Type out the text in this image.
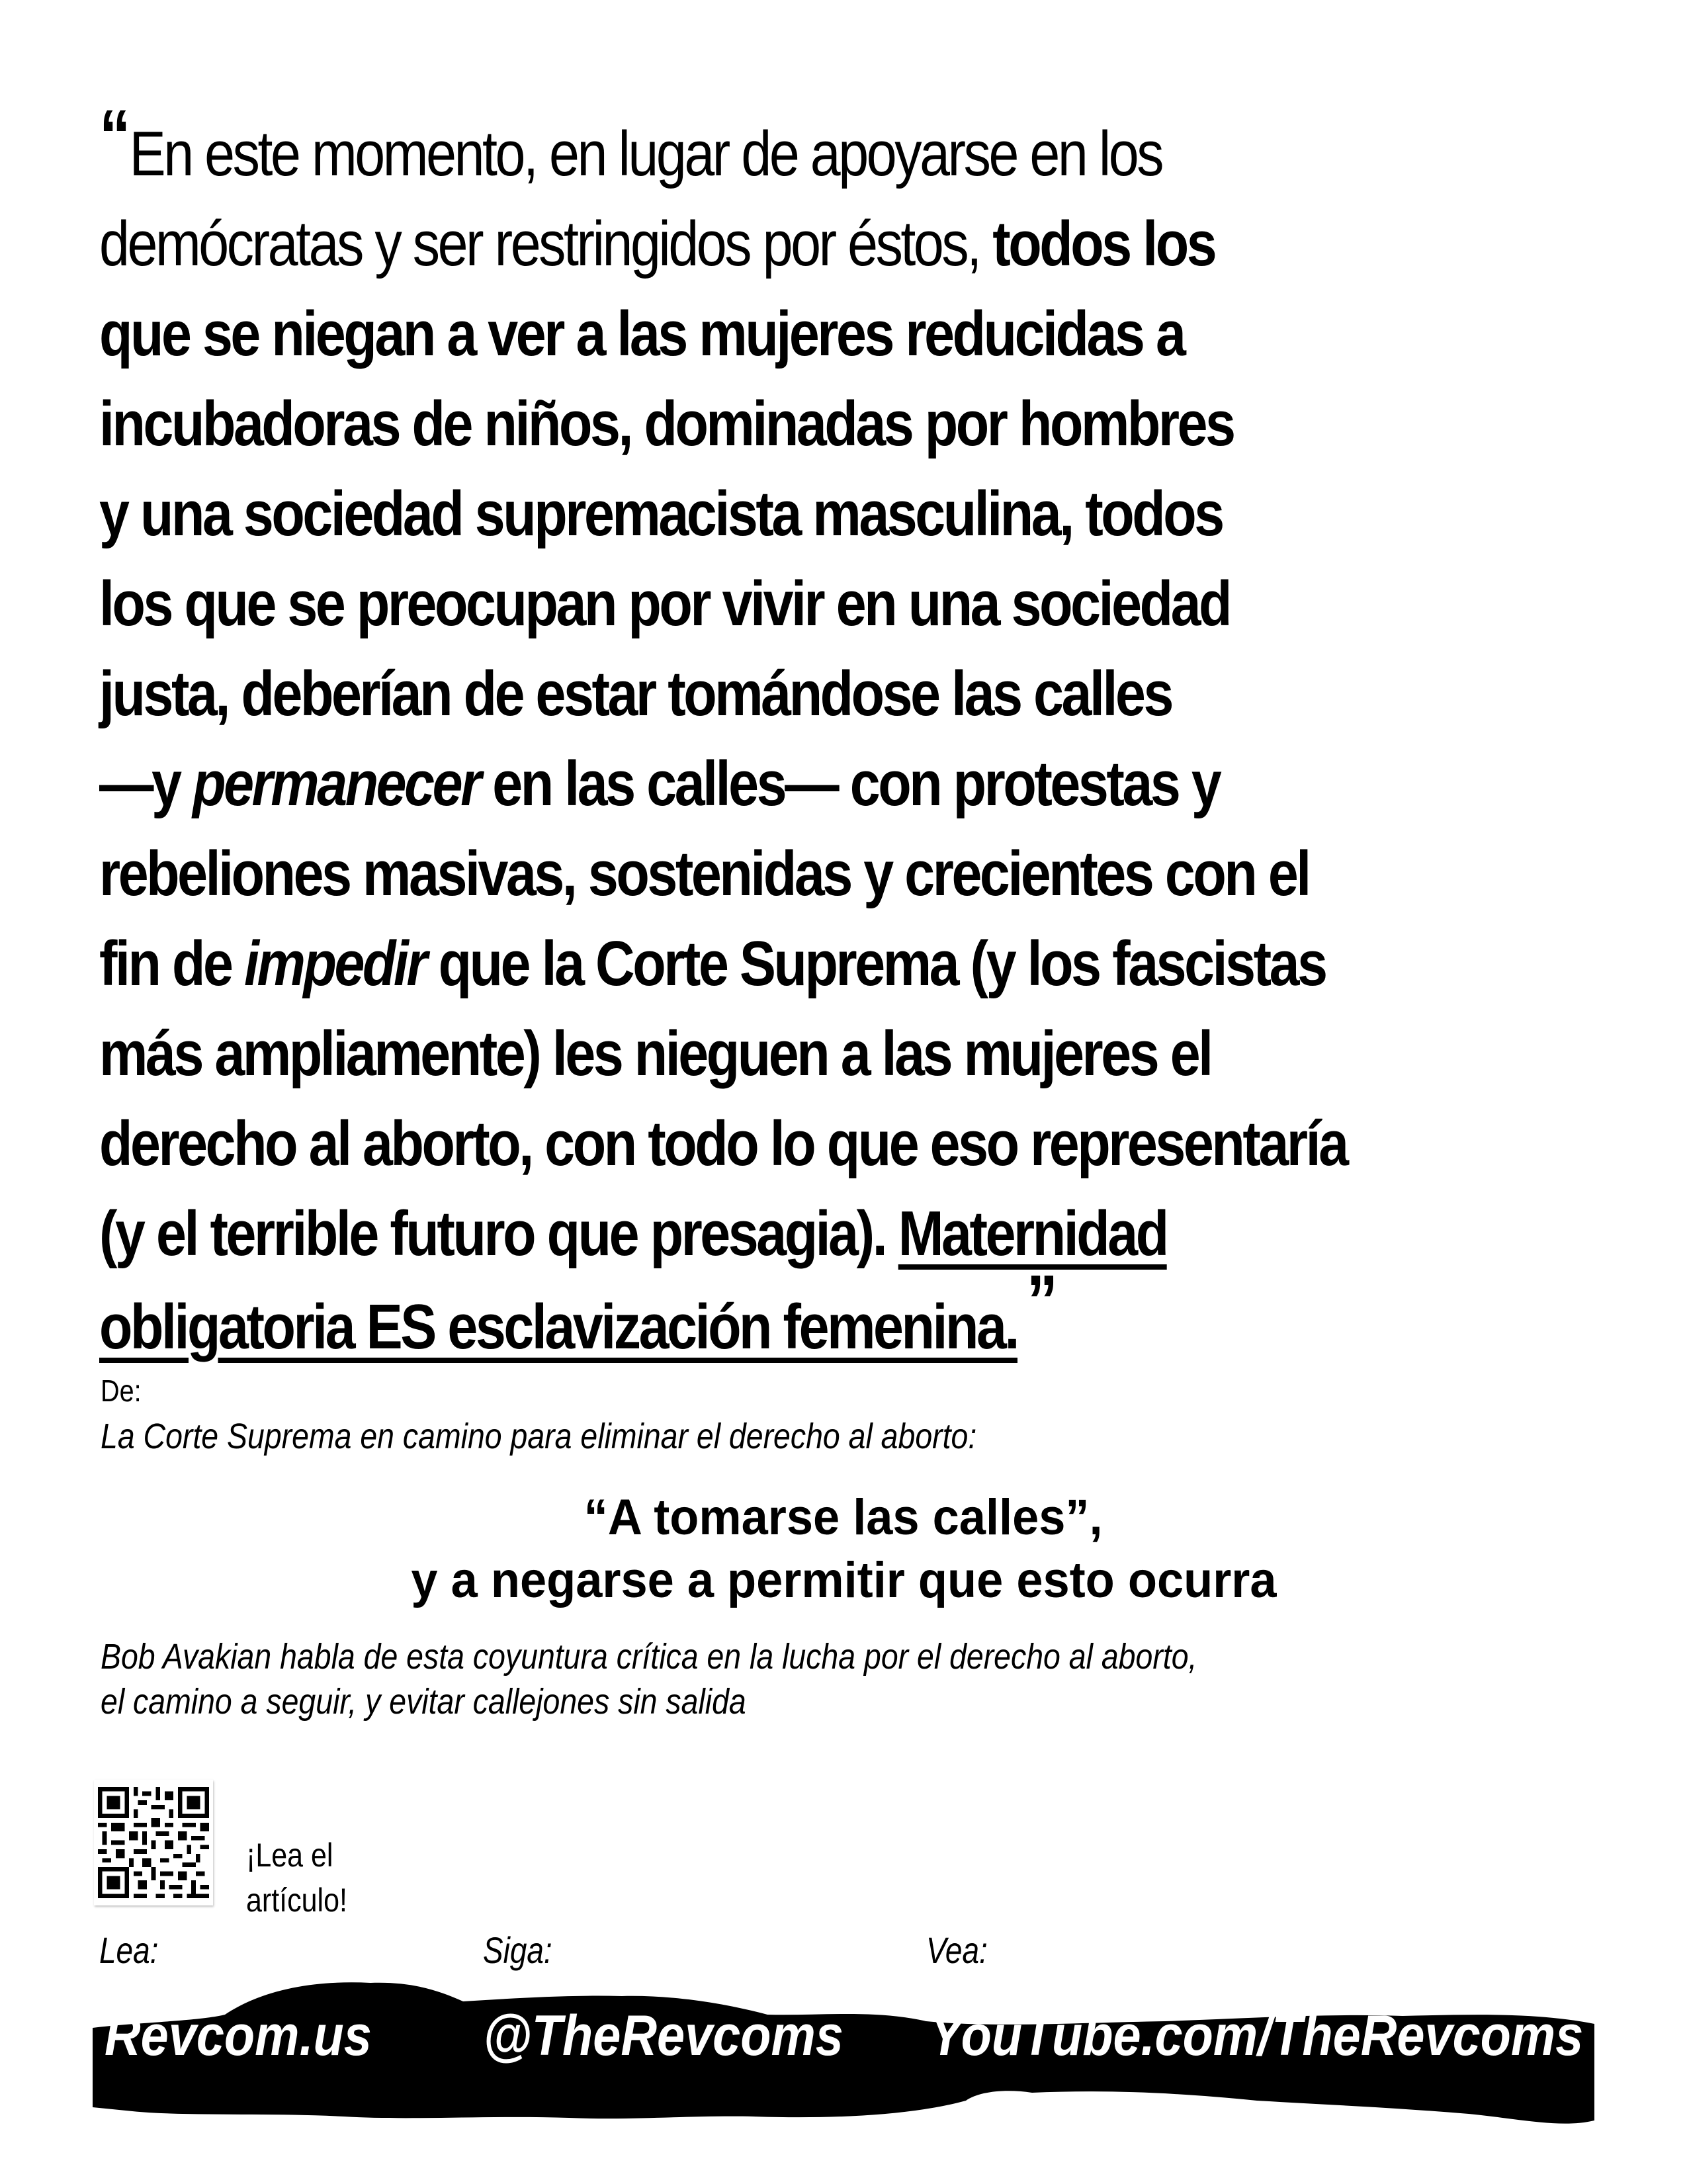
“En este momento, en lugar de apoyarse en los
demócratas y ser restringidos por éstos, todos los
que se niegan a ver a las mujeres reducidas a
incubadoras de niños, dominadas por hombres
y una sociedad supremacista masculina, todos
los que se preocupan por vivir en una sociedad
justa, deberían de estar tomándose las calles
—y permanecer en las calles— con protestas y
rebeliones masivas, sostenidas y crecientes con el
fin de impedir que la Corte Suprema (y los fascistas
más ampliamente) les nieguen a las mujeres el
derecho al aborto, con todo lo que eso representaría
(y el terrible futuro que presagia). Maternidad
obligatoria ES esclavización femenina. ”
De:
La Corte Suprema en camino para eliminar el derecho al aborto:
“A tomarse las calles”,
y a negarse a permitir que esto ocurra
Bob Avakian habla de esta coyuntura crítica en la lucha por el derecho al aborto,
el camino a seguir, y evitar callejones sin salida
¡Lea el
artículo!
Lea:	Siga:	Vea:
Revcom.us @TheRevcoms YouTube.com/TheRevcoms
